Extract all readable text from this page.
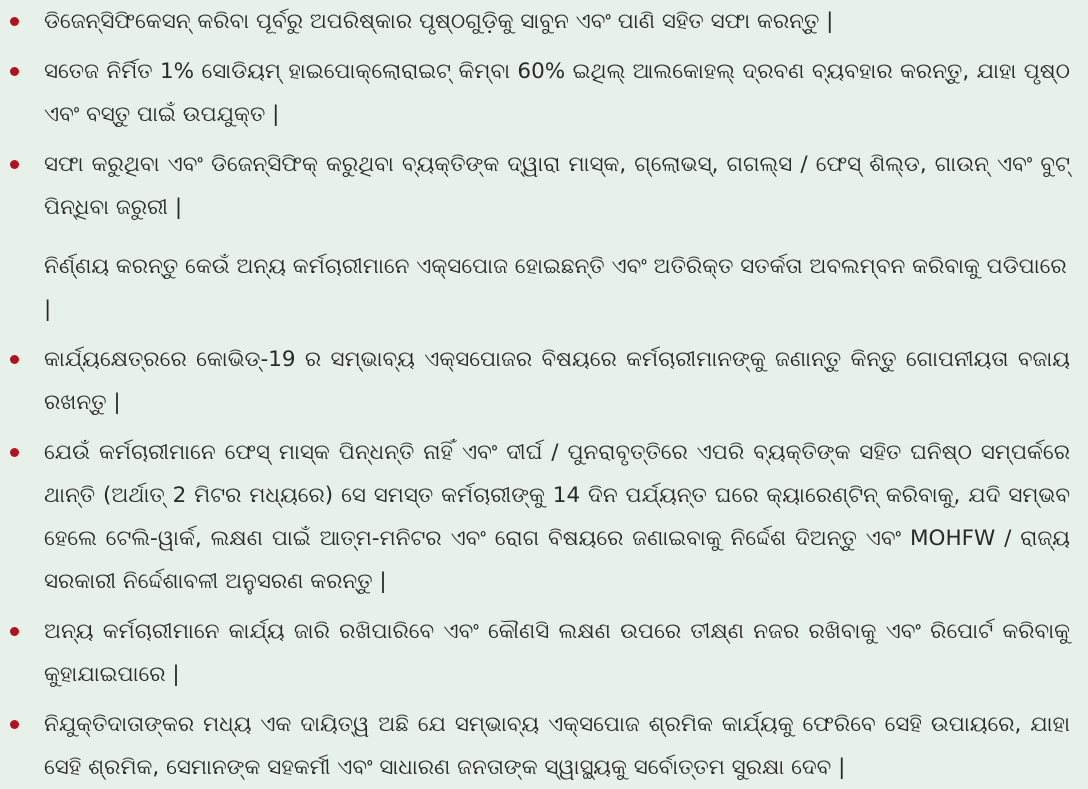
ଡିଜେନ୍ସିଫିକେସନ୍ କରିବା ପୂର୍ବରୁ ଅପରିଷ୍କାର ପୃଷ୍ଠଗୁଡ଼ିକୁ ସାବୁନ ଏବଂ ପାଣି ସହିତ ସଫା କରନ୍ତୁ |
ସତେଜ ନିର୍ମିତ 1% ସୋଡିୟମ୍ ହାଇପୋକ୍ଲୋରାଇଟ୍ କିମ୍ବା 60% ଇଥିଲ୍ ଆଲକୋହଲ୍ ଦ୍ରବଣ ବ୍ୟବହାର କରନ୍ତୁ, ଯାହା ପୃଷ୍ଠ ଏବଂ ବସ୍ତୁ ପାଇଁ ଉପଯୁକ୍ତ |
ସଫା କରୁଥିବା ଏବଂ ଡିଜେନ୍ସିଫିକ୍ କରୁଥିବା ବ୍ୟକ୍ତିଙ୍କ ଦ୍ୱାରା ମାସ୍କ, ଗ୍ଲୋଭସ୍, ଗଗଲ୍ସ / ଫେସ୍ ଶିଲ୍ଡ, ଗାଉନ୍ ଏବଂ ବୁଟ୍ ପିନ୍ଧିବା ଜରୁରୀ |

ନିର୍ଣ୍ଣୟ କରନ୍ତୁ କେଉଁ ଅନ୍ୟ କର୍ମଚାରୀମାନେ ଏକ୍ସପୋଜ ହୋଇଛନ୍ତି ଏବଂ ଅତିରିକ୍ତ ସତର୍କତା ଅବଲମ୍ବନ କରିବାକୁ ପଡିପାରେ |

କାର୍ଯ୍ୟକ୍ଷେତ୍ରରେ କୋଭିଡ୍-19 ର ସମ୍ଭାବ୍ୟ ଏକ୍ସପୋଜର ବିଷୟରେ କର୍ମଚାରୀମାନଙ୍କୁ ଜଣାନ୍ତୁ କିନ୍ତୁ ଗୋପନୀୟତା ବଜାୟ ରଖନ୍ତୁ |
ଯେଉଁ କର୍ମଚାରୀମାନେ ଫେସ୍ ମାସ୍କ ପିନ୍ଧନ୍ତି ନାହିଁ ଏବଂ ଦୀର୍ଘ / ପୁନରାବୃତ୍ତିରେ ଏପରି ବ୍ୟକ୍ତିଙ୍କ ସହିତ ଘନିଷ୍ଠ ସମ୍ପର୍କରେ ଥାନ୍ତି (ଅର୍ଥାତ୍ 2 ମିଟର ମଧ୍ୟରେ) ସେ ସମସ୍ତ କର୍ମଚାରୀଙ୍କୁ 14 ଦିନ ପର୍ଯ୍ୟନ୍ତ ଘରେ କ୍ୟାରେଣ୍ଟିନ୍ କରିବାକୁ, ଯଦି ସମ୍ଭବ ହେଲେ ଟେଲି-ୱାର୍କ, ଲକ୍ଷଣ ପାଇଁ ଆତ୍ମ-ମନିଟର ଏବଂ ରୋଗ ବିଷୟରେ ଜଣାଇବାକୁ ନିର୍ଦ୍ଦେଶ ଦିଅନ୍ତୁ ଏବଂ MOHFW / ରାଜ୍ୟ ସରକାରୀ ନିର୍ଦ୍ଦେଶାବଳୀ ଅନୁସରଣ କରନ୍ତୁ |
ଅନ୍ୟ କର୍ମଚାରୀମାନେ କାର୍ଯ୍ୟ ଜାରି ରଖିପାରିବେ ଏବଂ କୌଣସି ଲକ୍ଷଣ ଉପରେ ତୀକ୍ଷ୍ଣ ନଜର ରଖିବାକୁ ଏବଂ ରିପୋର୍ଟ କରିବାକୁ କୁହାଯାଇପାରେ |
ନିଯୁକ୍ତିଦାତାଙ୍କର ମଧ୍ୟ ଏକ ଦାୟିତ୍ୱ ଅଛି ଯେ ସମ୍ଭାବ୍ୟ ଏକ୍ସପୋଜ ଶ୍ରମିକ କାର୍ଯ୍ୟକୁ ଫେରିବେ ସେହି ଉପାୟରେ, ଯାହା ସେହି ଶ୍ରମିକ, ସେମାନଙ୍କ ସହକର୍ମୀ ଏବଂ ସାଧାରଣ ଜନତାଙ୍କ ସ୍ୱାସ୍ଥ୍ୟକୁ ସର୍ବୋତ୍ତମ ସୁରକ୍ଷା ଦେବ |
